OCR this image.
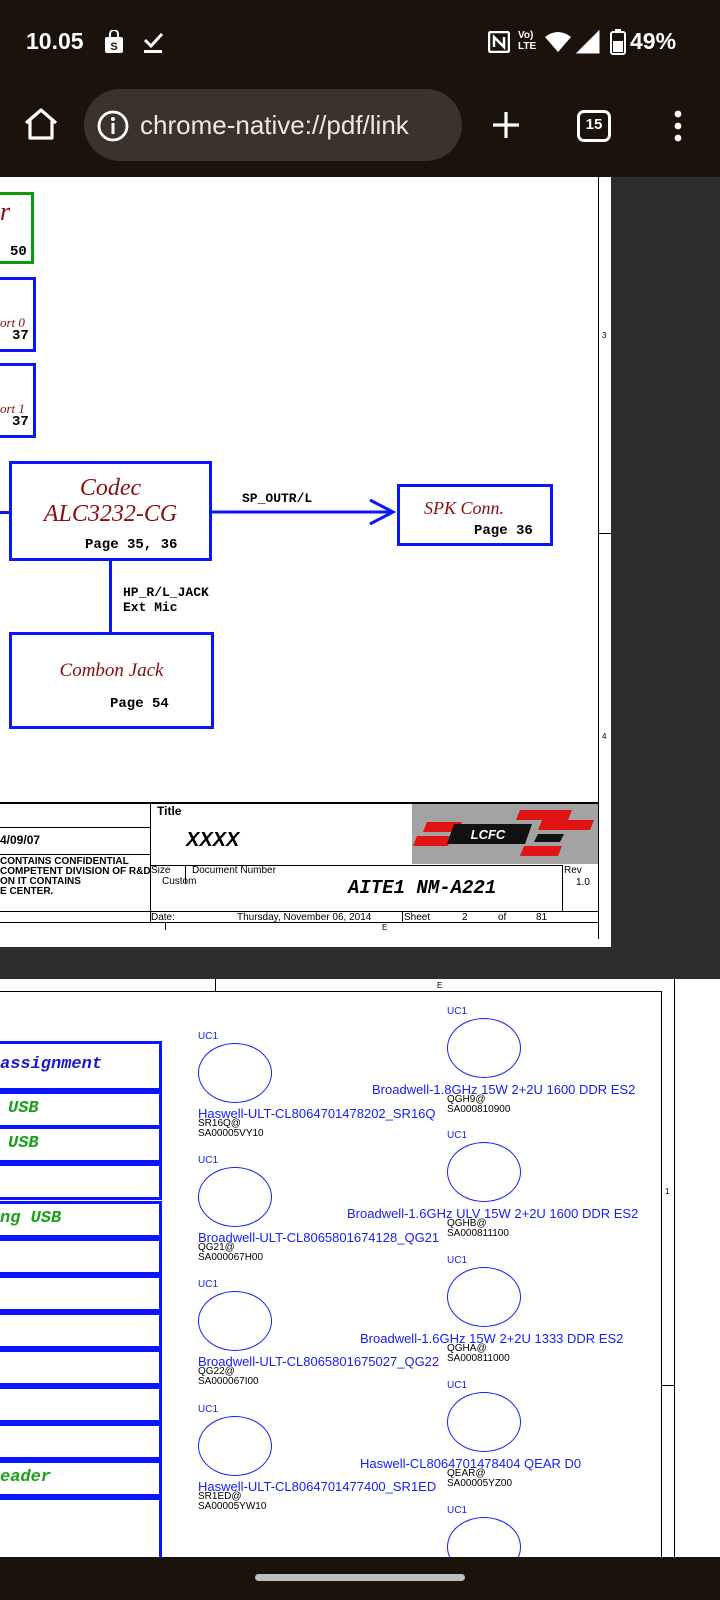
10.05 S
Vo)
LTE	49%
chrome-native://pdf/link	15
3
4
r
50
ort 0
37
ort 1
37
Codec
ALC3232-CG
Page 35, 36
SP_OUTR/L	SPK Conn.
Page 36
HP_R/L_JACK
Ext Mic
Combon Jack
Page 54
Title
XXXX
4/09/07
CONTAINS CONFIDENTIAL
COMPETENT DIVISION OF R&D
ON IT CONTAINS
E CENTER.
Size
Custom
Document Number
AITE1 NM-A221
Rev
1.0
Date:	Thursday, November 06, 2014	Sheet	2	of	81
E
LCFC
E
1
assignment
USB
USB
ng USB
eader
UC1
Haswell-ULT-CL8064701478202_SR16Q
SR16Q@
SA00005VY10
UC1
Broadwell-ULT-CL8065801674128_QG21
QG21@
SA000067H00
UC1
Broadwell-ULT-CL8065801675027_QG22
QG22@
SA000067I00
UC1
Haswell-ULT-CL8064701477400_SR1ED
SR1ED@
SA00005YW10
UC1
Broadwell-1.8GHz 15W 2+2U 1600 DDR ES2
QGH9@
SA000810900
UC1
Broadwell-1.6GHz ULV 15W 2+2U 1600 DDR ES2
QGHB@
SA000811100
UC1
Broadwell-1.6GHz 15W 2+2U 1333 DDR ES2
QGHA@
SA000811000
UC1
Haswell-CL8064701478404 QEAR D0
QEAR@
SA00005YZ00
UC1
